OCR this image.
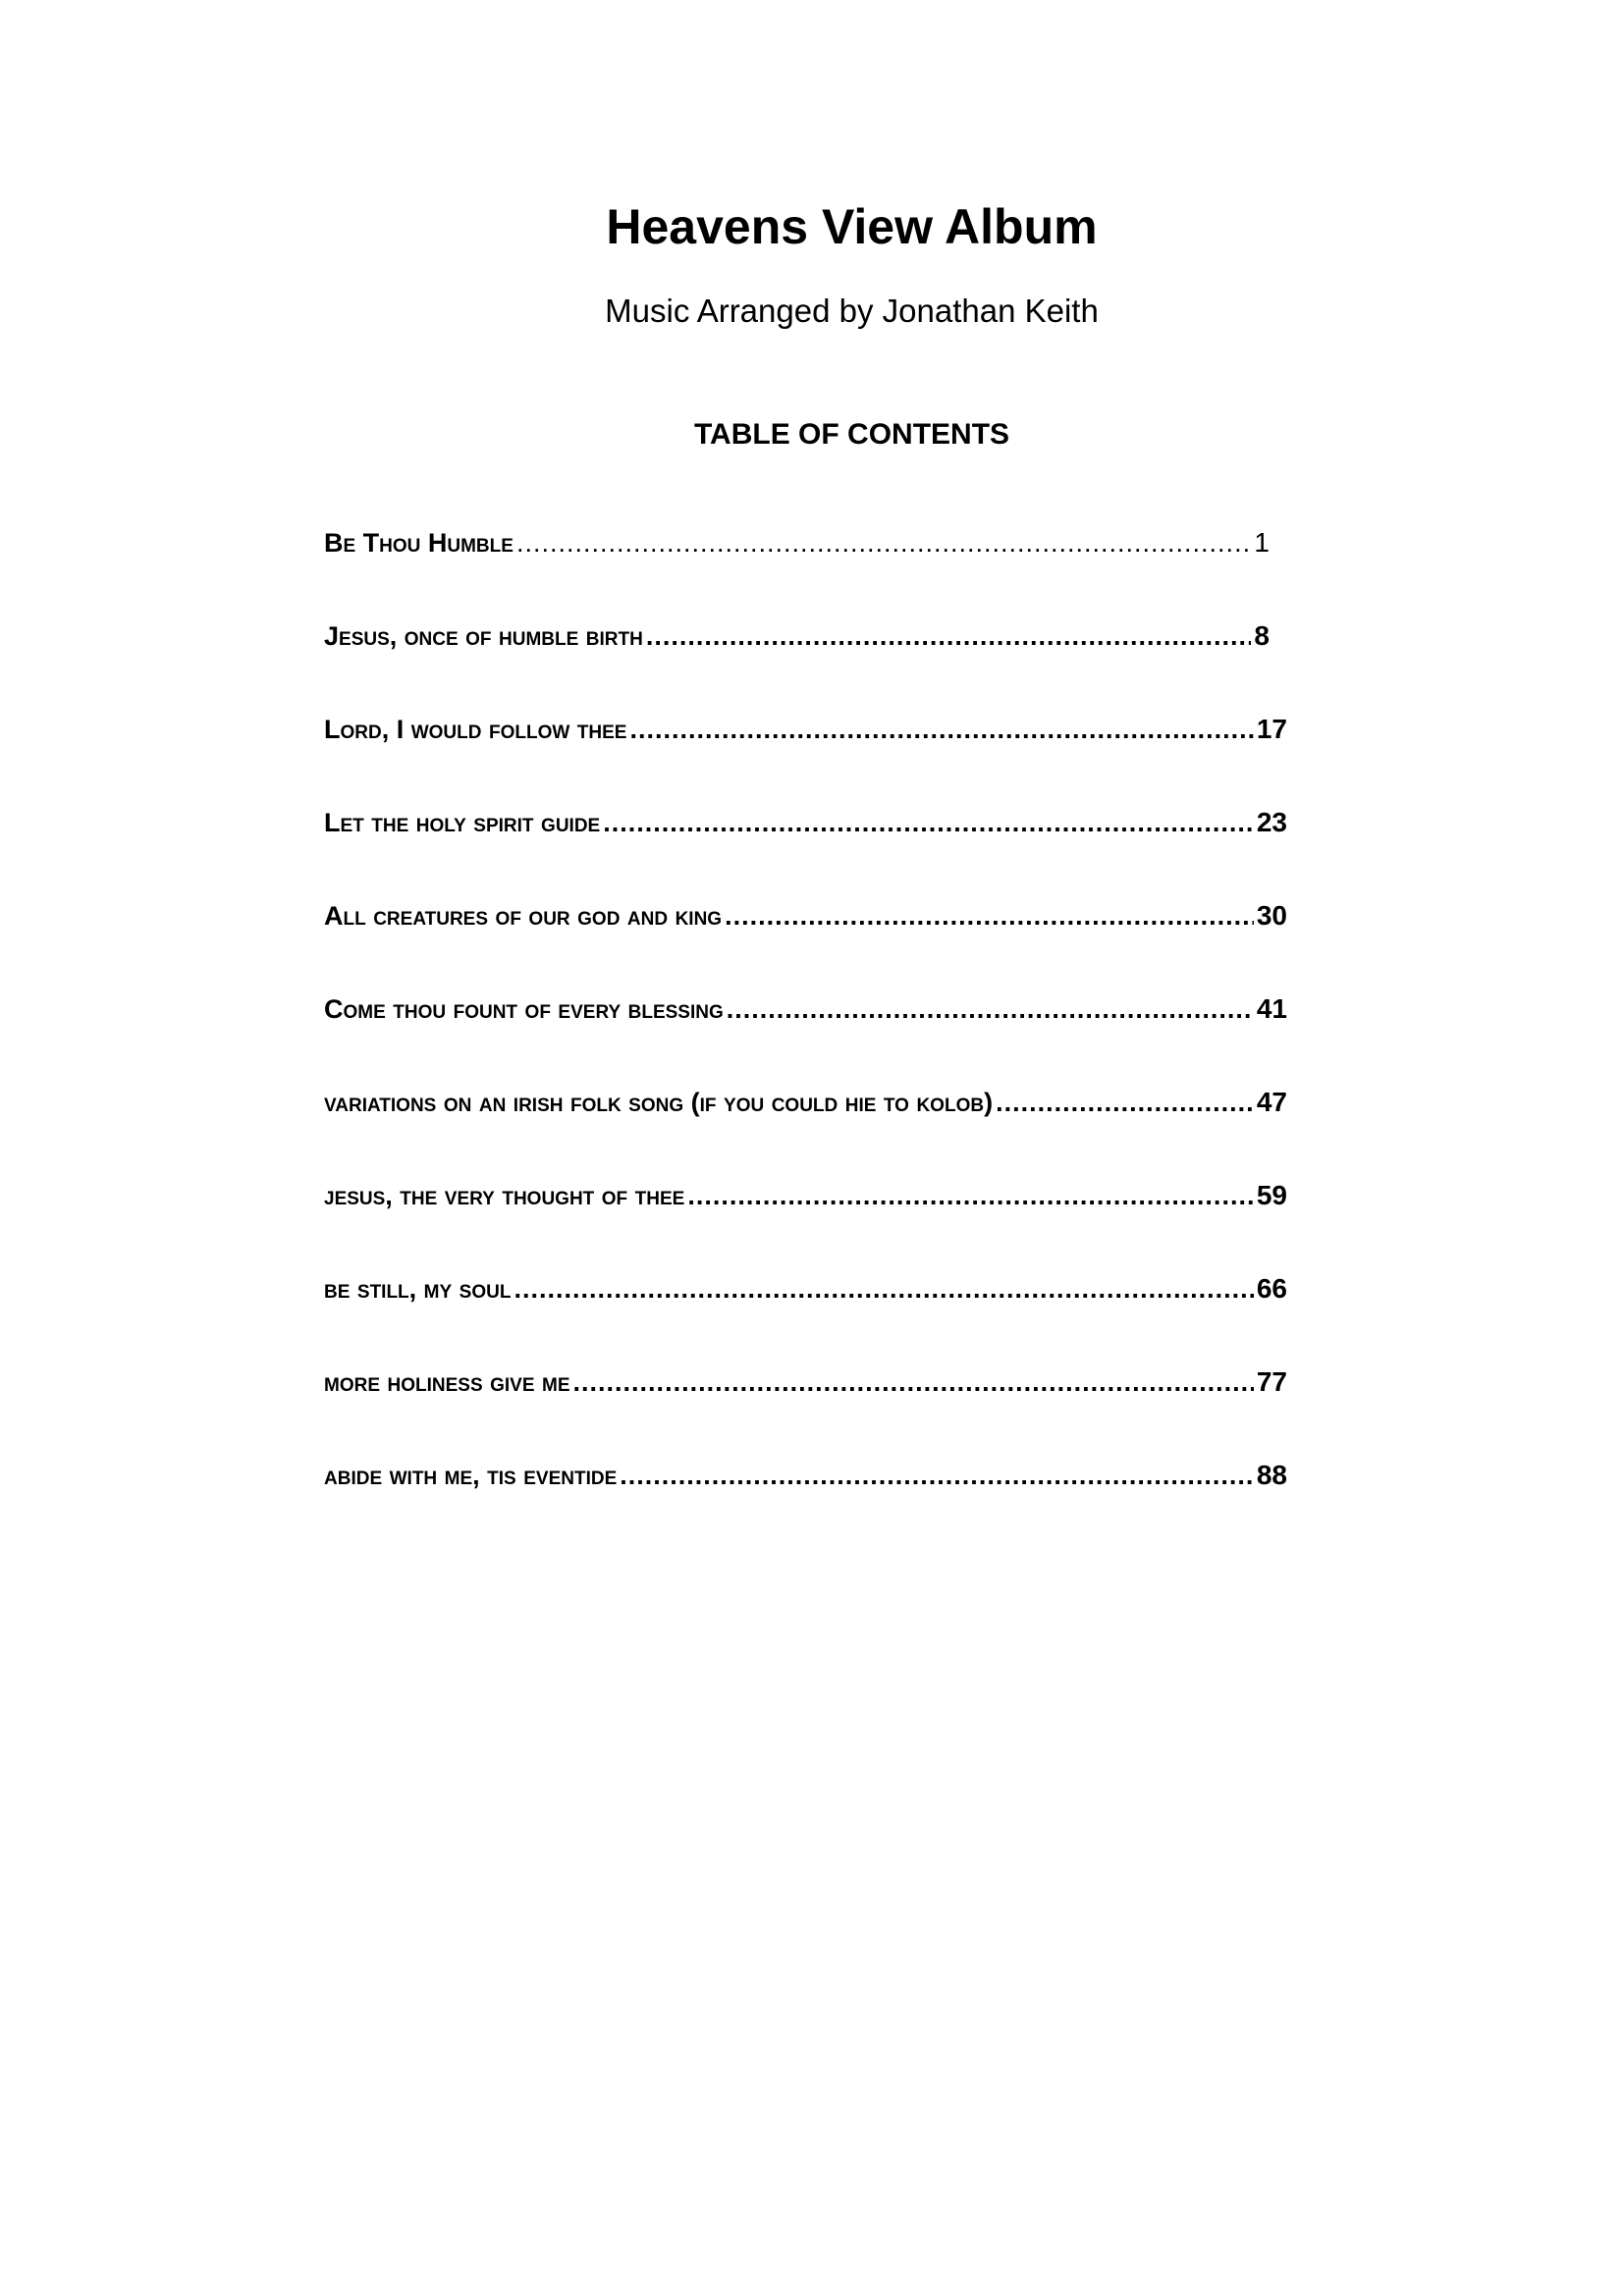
Heavens View Album
Music Arranged by Jonathan Keith
TABLE OF CONTENTS
Be Thou Humble .....	1
Jesus, once of humble birth .....	8
Lord, I would follow thee .....	17
Let the holy spirit guide .....	23
All creatures of our god and king .....	30
Come thou fount of every blessing .....	41
variations on an irish folk song (if you could hie to kolob) .....	47
jesus, the very thought of thee .....	59
be still, my soul .....	66
more holiness give me .....	77
abide with me, tis eventide .....	88
